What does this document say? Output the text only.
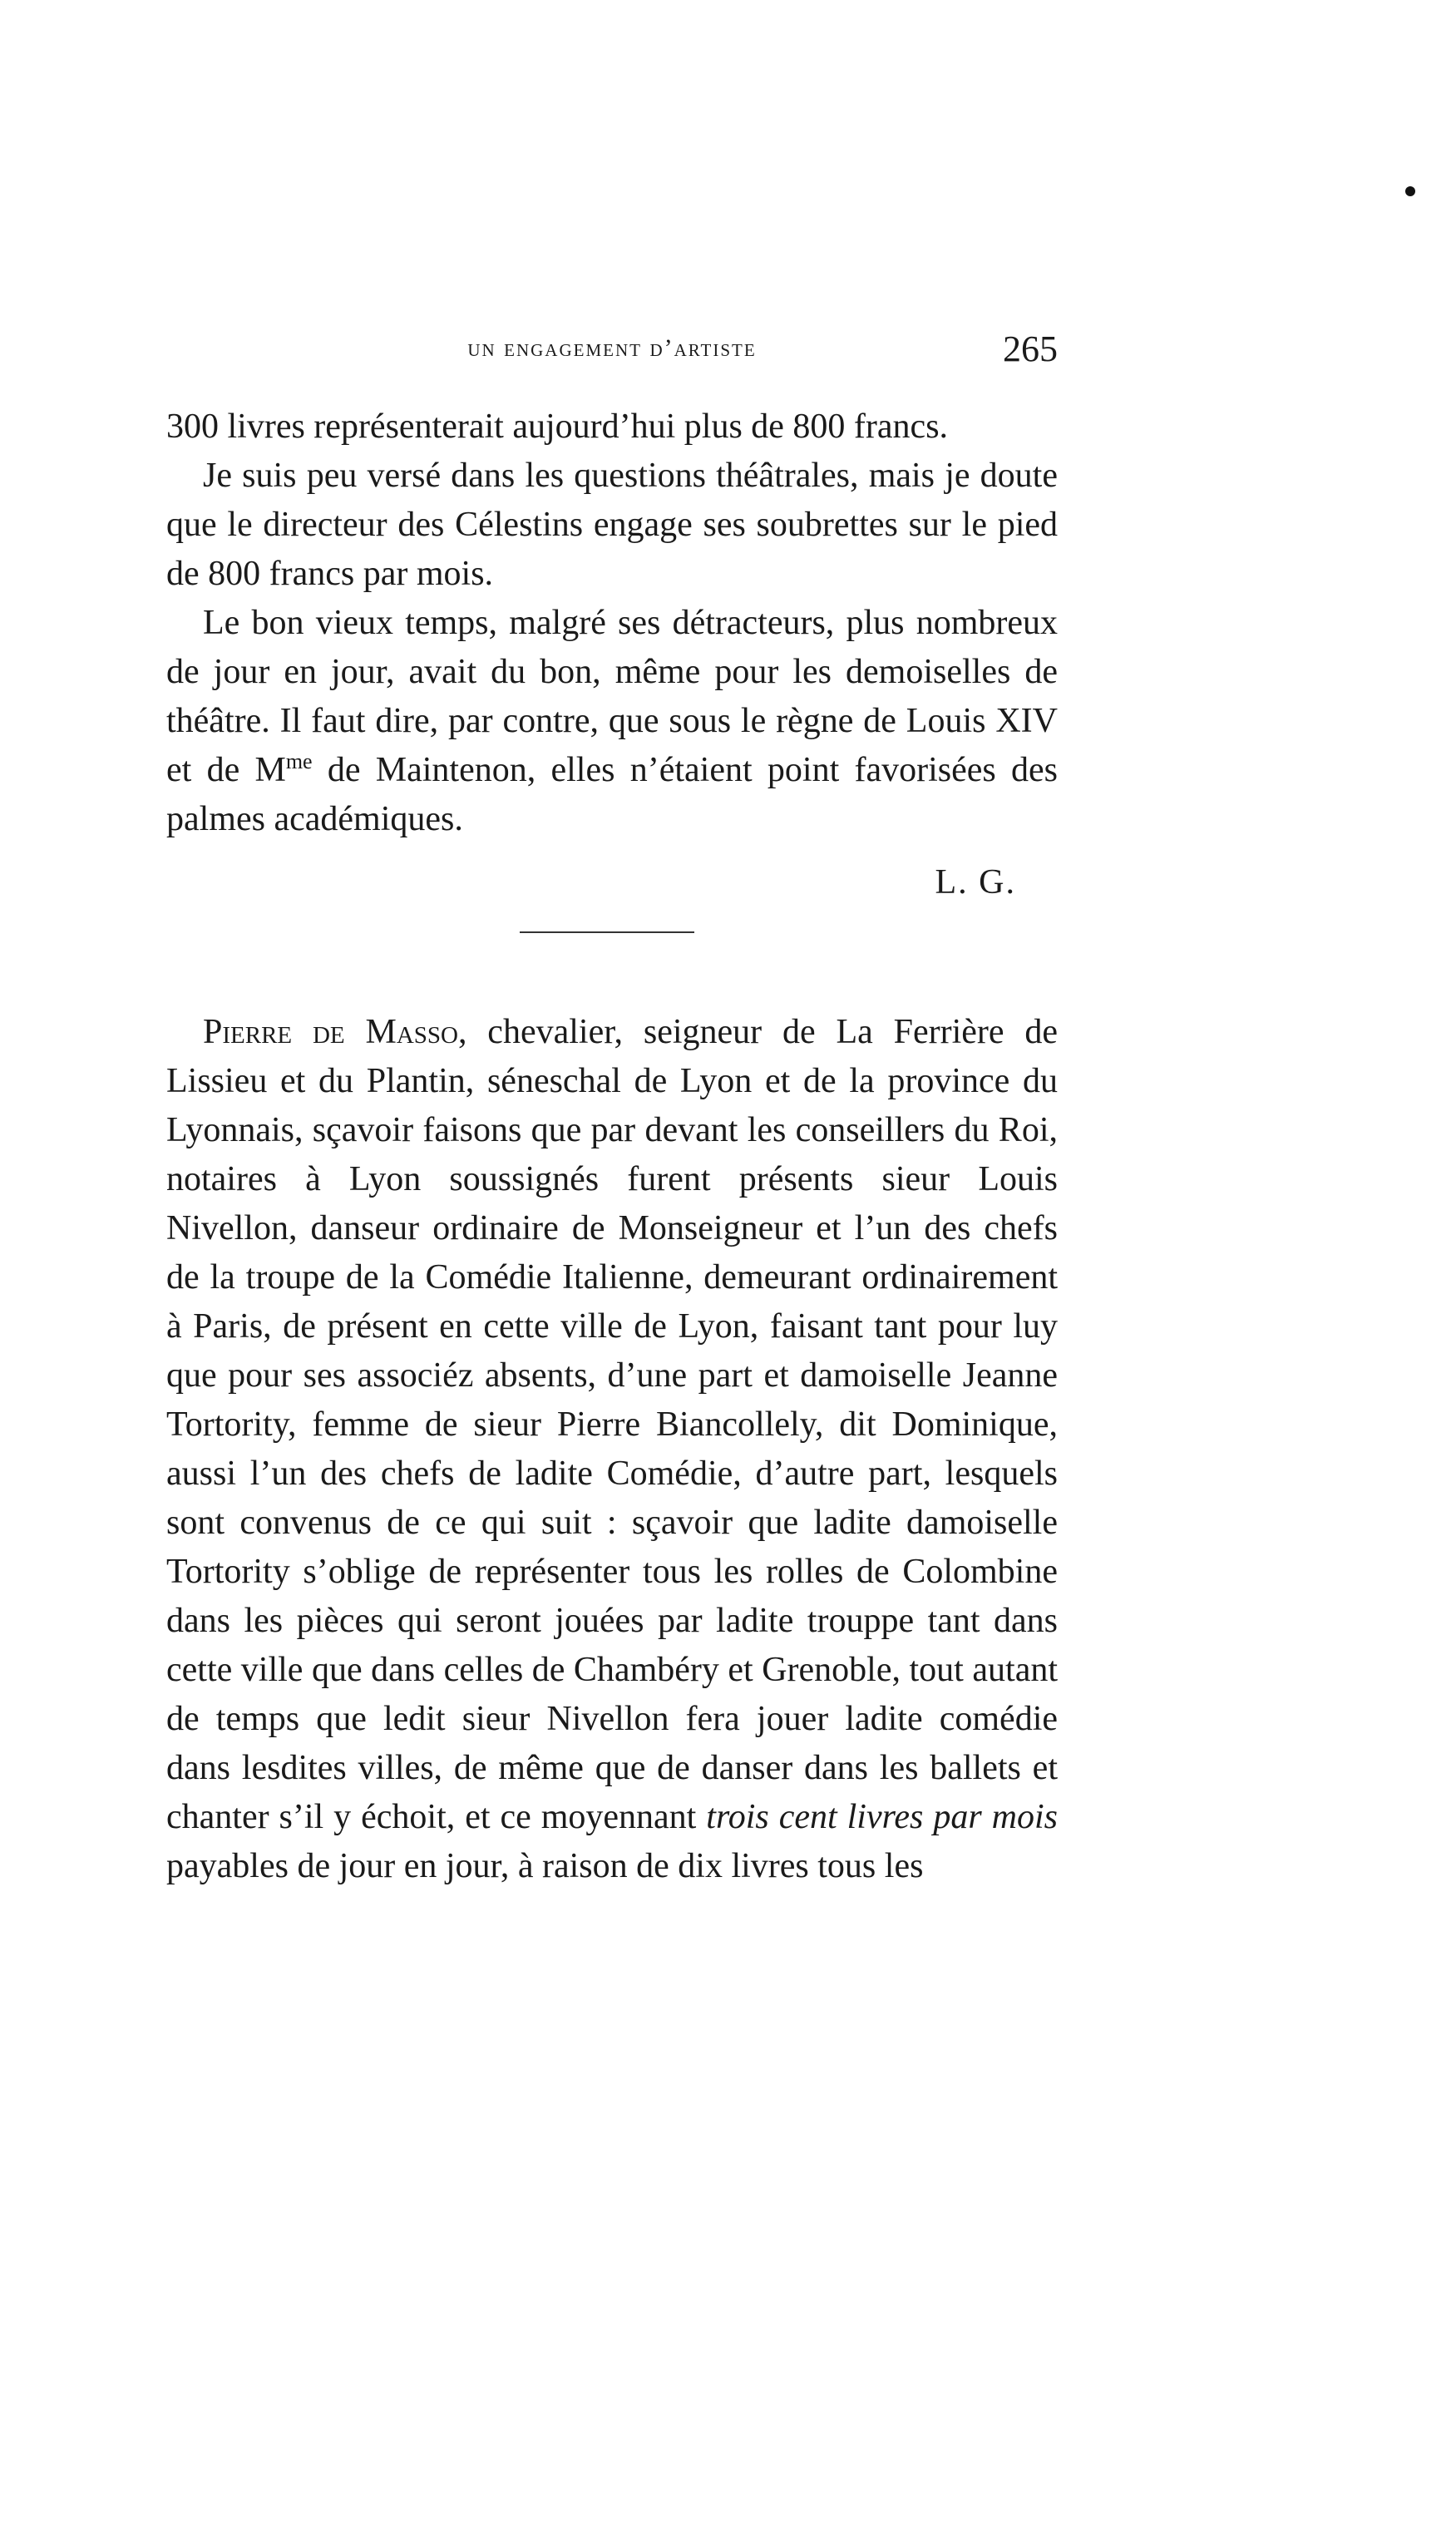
un engagement d’artiste	265

300 livres représenterait aujourd’hui plus de 800 francs.

Je suis peu versé dans les questions théâtrales, mais je doute que le directeur des Célestins engage ses soubrettes sur le pied de 800 francs par mois.

Le bon vieux temps, malgré ses détracteurs, plus nombreux de jour en jour, avait du bon, même pour les demoiselles de théâtre. Il faut dire, par contre, que sous le règne de Louis XIV et de $M^{me}$ de Maintenon, elles n’étaient point favorisées des palmes académiques.

L. G.

Pierre de Masso, chevalier, seigneur de La Ferrière de Lissieu et du Plantin, séneschal de Lyon et de la province du Lyonnais, sçavoir faisons que par devant les conseillers du Roi, notaires à Lyon soussignés furent présents sieur Louis Nivellon, danseur ordinaire de Monseigneur et l’un des chefs de la troupe de la Comédie Italienne, demeurant ordinairement à Paris, de présent en cette ville de Lyon, faisant tant pour luy que pour ses associéz absents, d’une part et damoiselle Jeanne Tortority, femme de sieur Pierre Biancollely, dit Dominique, aussi l’un des chefs de ladite Comédie, d’autre part, lesquels sont convenus de ce qui suit : sçavoir que ladite damoiselle Tortority s’oblige de représenter tous les rolles de Colombine dans les pièces qui seront jouées par ladite trouppe tant dans cette ville que dans celles de Chambéry et Grenoble, tout autant de temps que ledit sieur Nivellon fera jouer ladite comédie dans lesdites villes, de même que de danser dans les ballets et chanter s’il y échoit, et ce moyennant trois cent livres par mois payables de jour en jour, à raison de dix livres tous les
